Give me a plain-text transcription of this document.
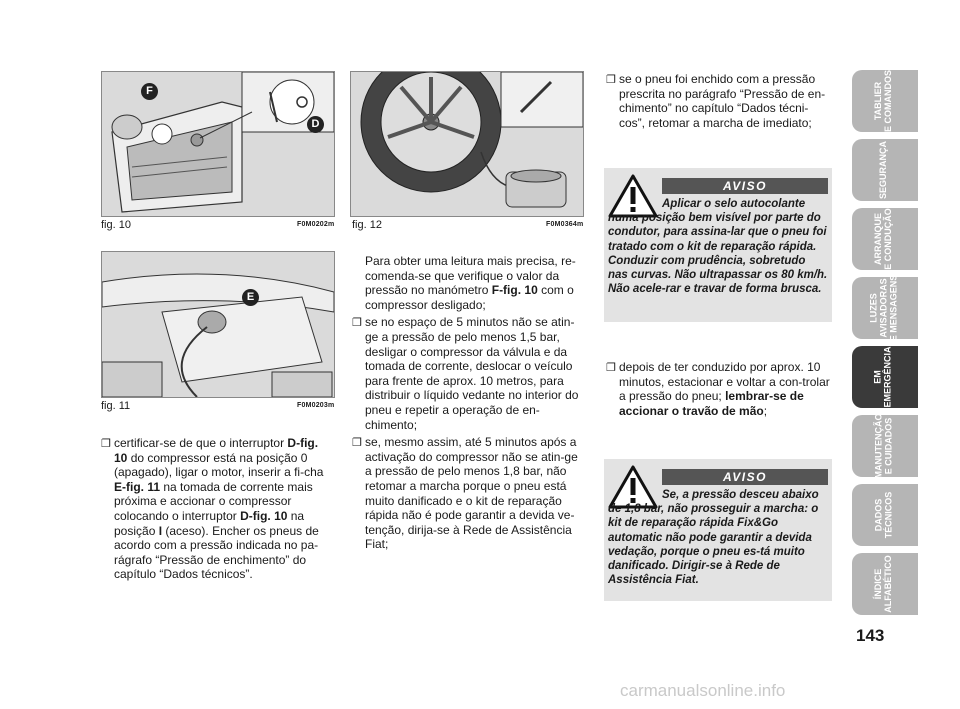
F
D
fig. 10	F0M0202m
E
fig. 11	F0M0203m
fig. 12	F0M0364m

❐ certificar-se de que o interruptor D-fig. 10 do compressor está na posição 0 (apagado), ligar o motor, inserir a fi-cha E-fig. 11 na tomada de corrente mais próxima e accionar o compressor colocando o interruptor D-fig. 10 na posição I (aceso). Encher os pneus de acordo com a pressão indicada no pa-rágrafo “Pressão de enchimento” do capítulo “Dados técnicos”.

Para obter uma leitura mais precisa, re-comenda-se que verifique o valor da pressão no manómetro F-fig. 10 com o compressor desligado;

❐ se no espaço de 5 minutos não se atin-ge a pressão de pelo menos 1,5 bar, desligar o compressor da válvula e da tomada de corrente, deslocar o veículo para frente de aprox. 10 metros, para distribuir o líquido vedante no interior do pneu e repetir a operação de en-chimento;

❐ se, mesmo assim, até 5 minutos após a activação do compressor não se atin-ge a pressão de pelo menos 1,8 bar, não retomar a marcha porque o pneu está muito danificado e o kit de reparação rápida não é pode garantir a devida ve-tenção, dirija-se à Rede de Assistência Fiat;

❐ se o pneu foi enchido com a pressão prescrita no parágrafo “Pressão de en-chimento” no capítulo “Dados técni-cos”, retomar a marcha de imediato;

AVISO
Aplicar o selo autocolante numa posição bem visível por parte do condutor, para assina-lar que o pneu foi tratado com o kit de reparação rápida. Conduzir com prudência, sobretudo nas curvas. Não ultrapassar os 80 km/h. Não acele-rar e travar de forma brusca.

❐ depois de ter conduzido por aprox. 10 minutos, estacionar e voltar a con-trolar a pressão do pneu; lembrar-se de accionar o travão de mão;

AVISO
Se, a pressão desceu abaixo de 1,8 bar, não prosseguir a marcha: o kit de reparação rápida Fix&Go automatic não pode garantir a devida vedação, porque o pneu es-tá muito danificado. Dirigir-se à Rede de Assistência Fiat.
TABLIER
E COMANDOS
SEGURANÇA
ARRANQUE
E CONDUÇÃO
LUZES
AVISADORAS
E MENSAGENS
EM
EMERGÊNCIA
MANUTENÇÃO
E CUIDADOS
DADOS
TÉCNICOS
ÍNDICE
ALFABÉTICO
143
carmanualsonline.info
